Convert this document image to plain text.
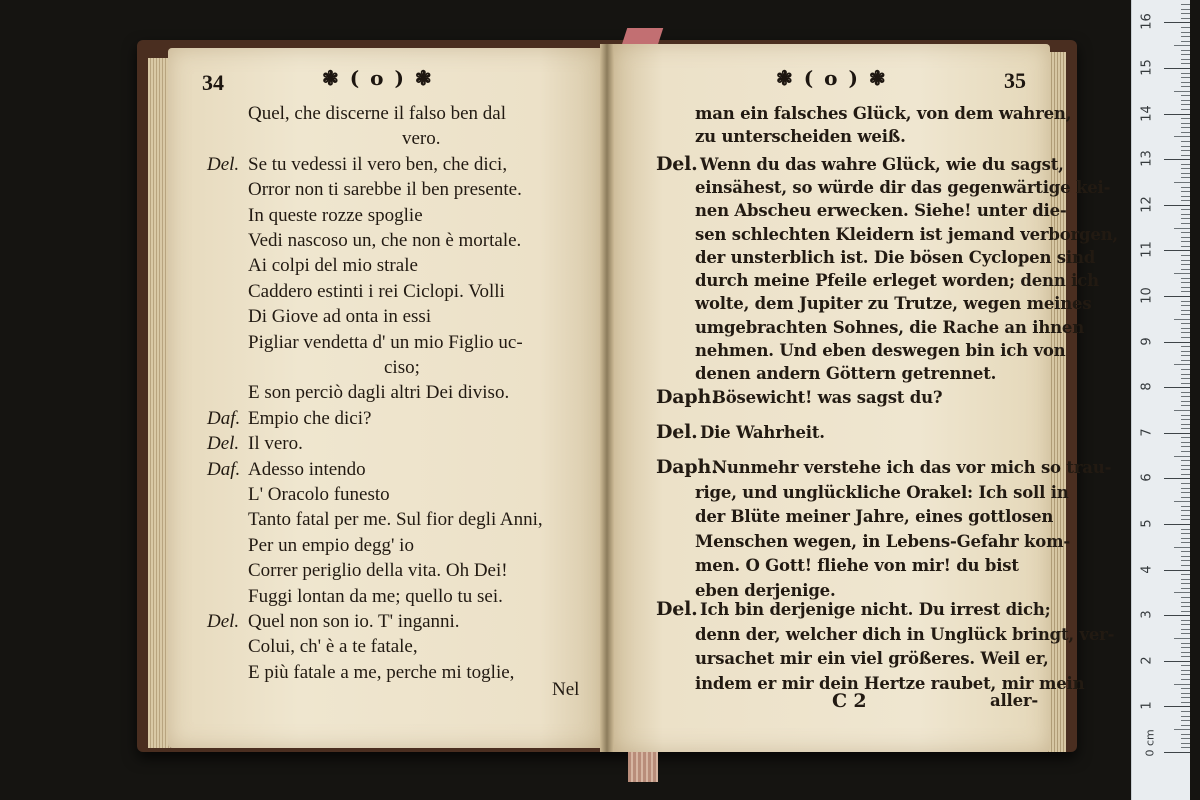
34	❃ ( o ) ❃	❃ ( o ) ❃	35
Quel, che discerne il falso ben dal
vero.
Del. Se tu vedessi il vero ben, che dici,
Orror non ti sarebbe il ben presente.
In queste rozze spoglie
Vedi nascoso un, che non è mortale.
Ai colpi del mio strale
Caddero estinti i rei Ciclopi. Volli
Di Giove ad onta in essi
Pigliar vendetta d' un mio Figlio uc-
ciso;
E son perciò dagli altri Dei diviso.
Daf. Empio che dici?
Del. Il vero.
Daf. Adesso intendo
L' Oracolo funesto
Tanto fatal per me. Sul fior degli Anni,
Per un empio degg' io
Correr periglio della vita. Oh Dei!
Fuggi lontan da me; quello tu sei.
Del. Quel non son io. T' inganni.
Colui, ch' è a te fatale,
E più fatale a me, perche mi toglie,
man ein falsches Glück, von dem wahren,
zu unterscheiden weiß.
Del. Wenn du das wahre Glück, wie du sagst,
einsähest, so würde dir das gegenwärtige kei-
nen Abscheu erwecken. Siehe! unter die-
sen schlechten Kleidern ist jemand verborgen,
der unsterblich ist. Die bösen Cyclopen sind
durch meine Pfeile erleget worden; denn ich
wolte, dem Jupiter zu Trutze, wegen meines
umgebrachten Sohnes, die Rache an ihnen
nehmen. Und eben deswegen bin ich von
denen andern Göttern getrennet.
Daph.
Bösewicht! was sagst du?
Del. Die Wahrheit.
Daph.
Nunmehr verstehe ich das vor mich so trau-
rige, und unglückliche Orakel: Ich soll in
der Blüte meiner Jahre, eines gottlosen
Menschen wegen, in Lebens-Gefahr kom-
men. O Gott! fliehe von mir! du bist
eben derjenige.
Del. Ich bin derjenige nicht. Du irrest dich;
denn der, welcher dich in Unglück bringt, ver-
ursachet mir ein viel größeres. Weil er,
indem er mir dein Hertze raubet, mir mein
Nel
C 2	aller-
0 cm
1
2
3
4
5
6
7
8
9
10
11
12
13
14
15
16
